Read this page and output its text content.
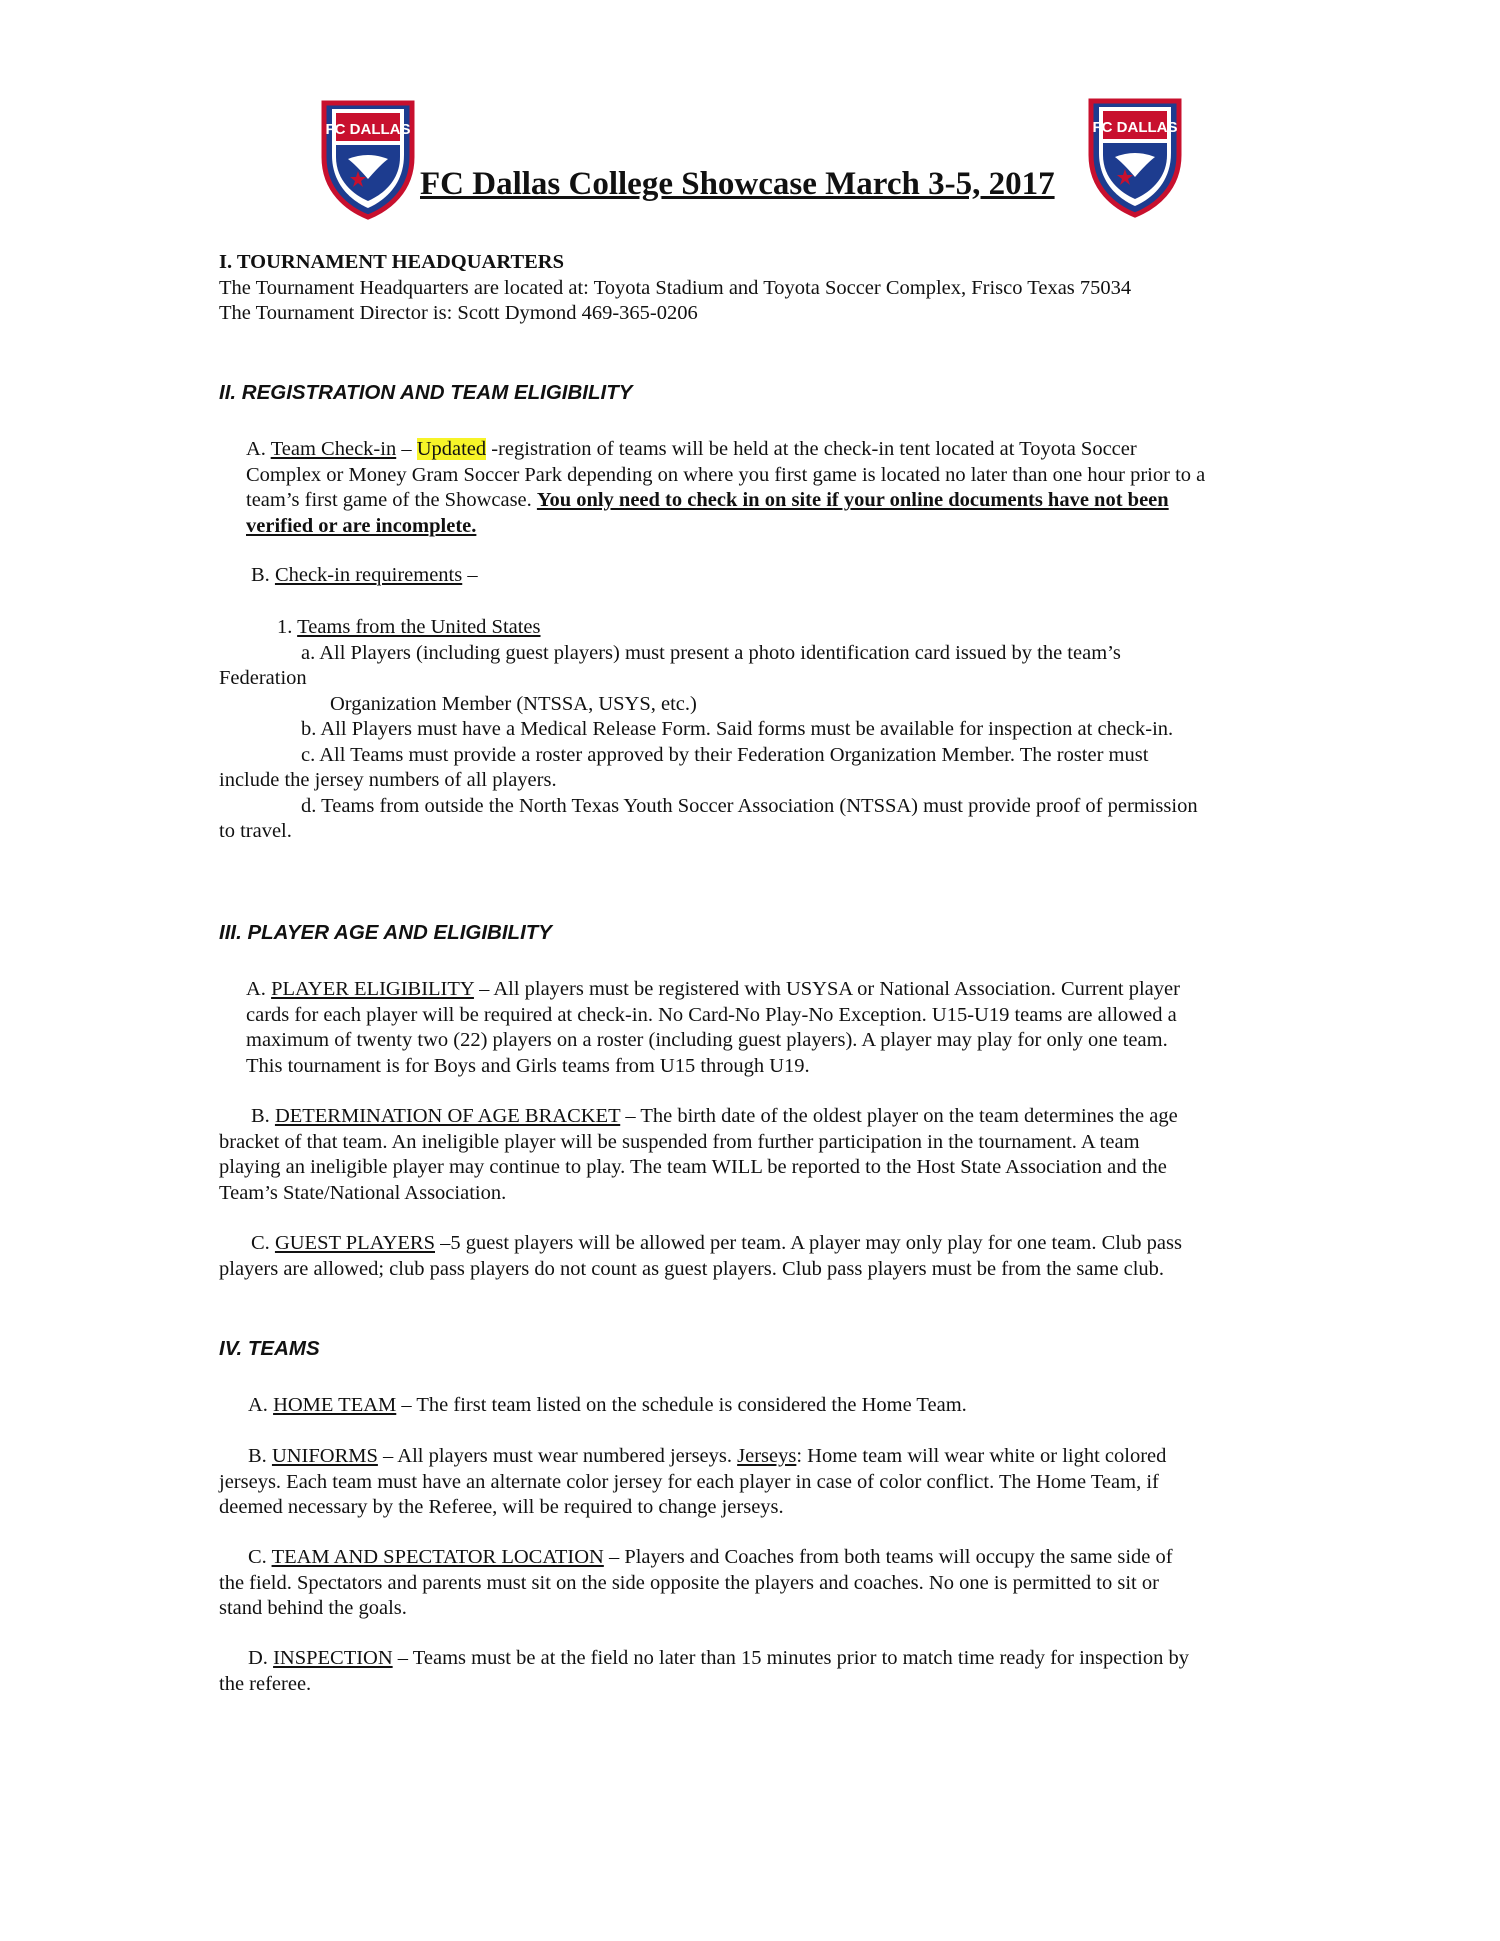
FC DALLAS	FC DALLAS
FC Dallas College Showcase March 3-5, 2017
I. TOURNAMENT HEADQUARTERS
The Tournament Headquarters are located at: Toyota Stadium and Toyota Soccer Complex, Frisco Texas 75034
The Tournament Director is: Scott Dymond 469-365-0206
II. REGISTRATION AND TEAM ELIGIBILITY
A. Team Check-in – Updated -registration of teams will be held at the check-in tent located at Toyota Soccer
Complex or Money Gram Soccer Park depending on where you first game is located no later than one hour prior to a
team’s first game of the Showcase. You only need to check in on site if your online documents have not been
verified or are incomplete.
B. Check-in requirements –
1. Teams from the United States
a. All Players (including guest players) must present a photo identification card issued by the team’s
Federation
Organization Member (NTSSA, USYS, etc.)
b. All Players must have a Medical Release Form. Said forms must be available for inspection at check-in.
c. All Teams must provide a roster approved by their Federation Organization Member. The roster must
include the jersey numbers of all players.
d. Teams from outside the North Texas Youth Soccer Association (NTSSA) must provide proof of permission
to travel.
III. PLAYER AGE AND ELIGIBILITY
A. PLAYER ELIGIBILITY – All players must be registered with USYSA or National Association. Current player
cards for each player will be required at check-in. No Card-No Play-No Exception. U15-U19 teams are allowed a
maximum of twenty two (22) players on a roster (including guest players). A player may play for only one team.
This tournament is for Boys and Girls teams from U15 through U19.
B. DETERMINATION OF AGE BRACKET – The birth date of the oldest player on the team determines the age
bracket of that team. An ineligible player will be suspended from further participation in the tournament. A team
playing an ineligible player may continue to play. The team WILL be reported to the Host State Association and the
Team’s State/National Association.
C. GUEST PLAYERS –5 guest players will be allowed per team. A player may only play for one team. Club pass
players are allowed; club pass players do not count as guest players. Club pass players must be from the same club.
IV. TEAMS
A. HOME TEAM – The first team listed on the schedule is considered the Home Team.
B. UNIFORMS – All players must wear numbered jerseys. Jerseys: Home team will wear white or light colored
jerseys. Each team must have an alternate color jersey for each player in case of color conflict. The Home Team, if
deemed necessary by the Referee, will be required to change jerseys.
C. TEAM AND SPECTATOR LOCATION – Players and Coaches from both teams will occupy the same side of
the field. Spectators and parents must sit on the side opposite the players and coaches. No one is permitted to sit or
stand behind the goals.
D. INSPECTION – Teams must be at the field no later than 15 minutes prior to match time ready for inspection by
the referee.
